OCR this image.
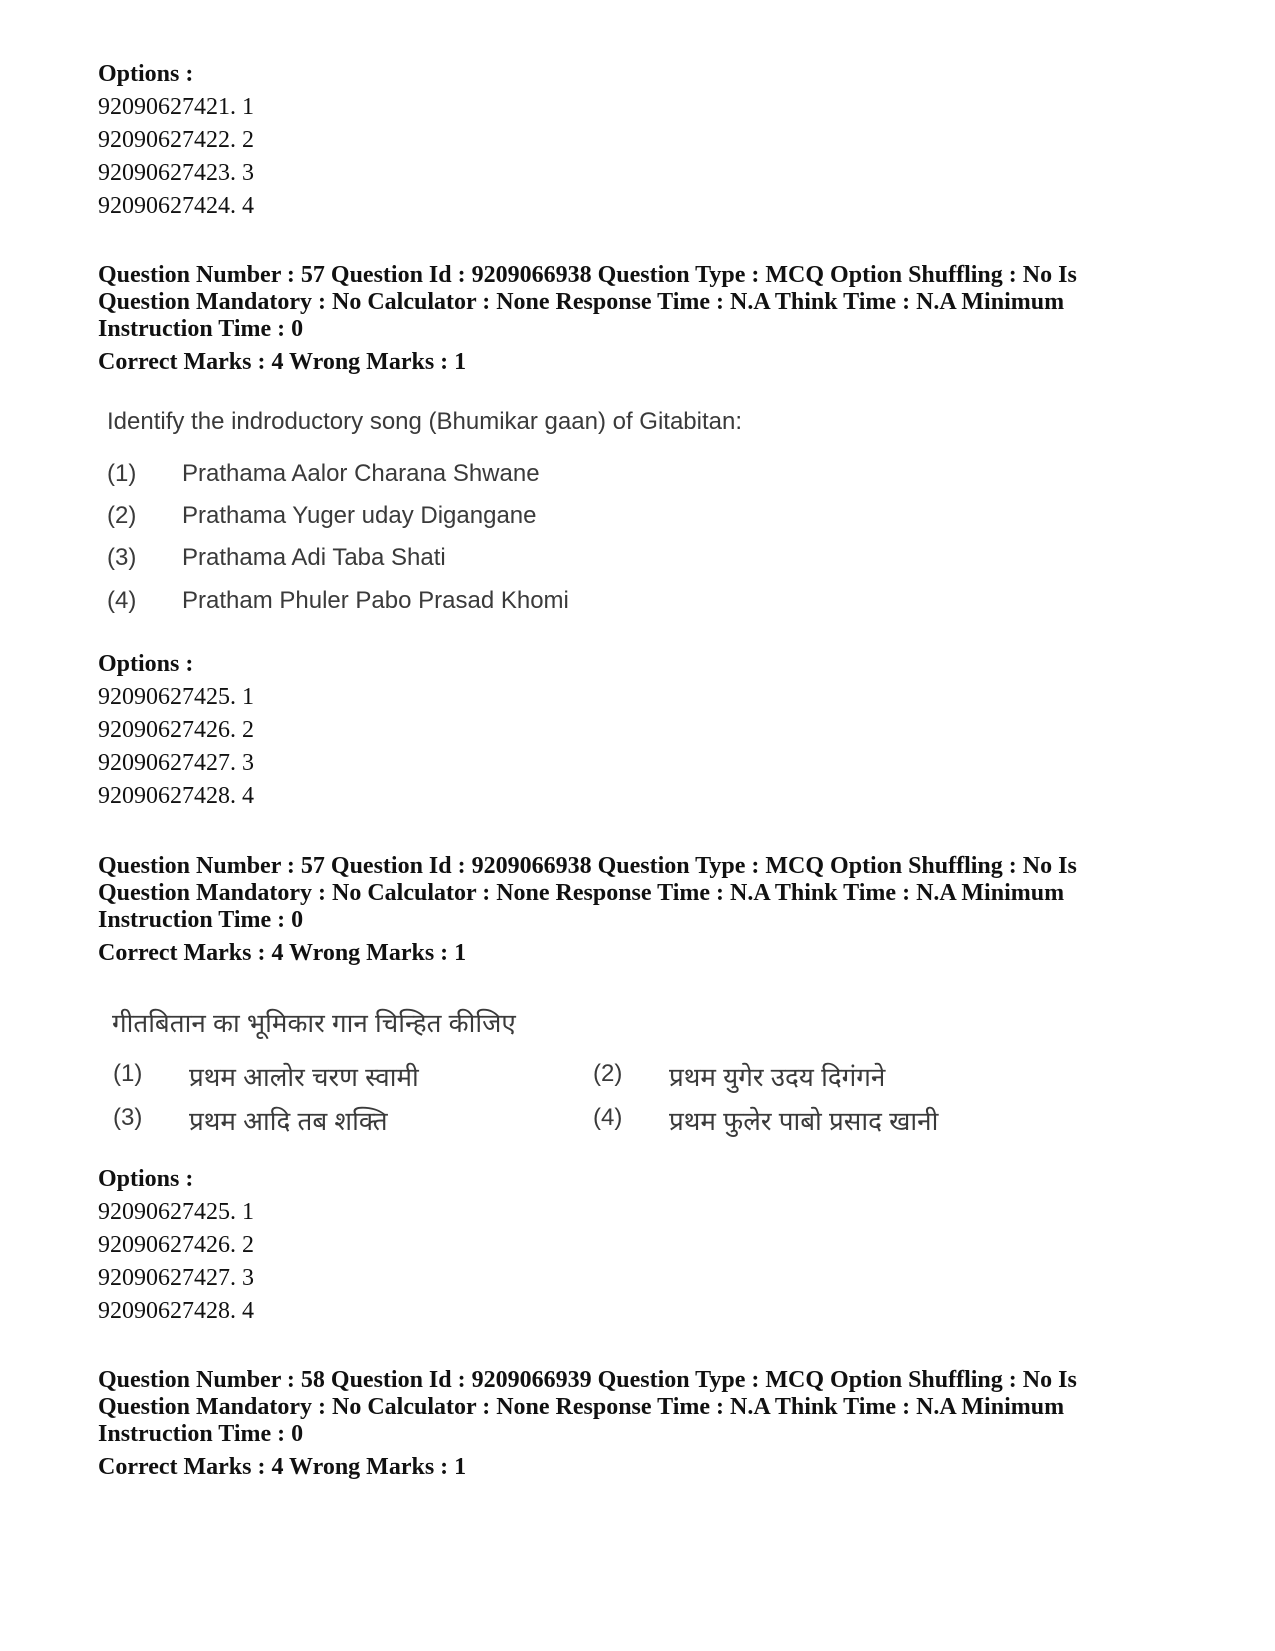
Options :
92090627421. 1
92090627422. 2
92090627423. 3
92090627424. 4
Question Number : 57 Question Id : 9209066938 Question Type : MCQ Option Shuffling : No Is
Question Mandatory : No Calculator : None Response Time : N.A Think Time : N.A Minimum
Instruction Time : 0
Correct Marks : 4 Wrong Marks : 1
Identify the indroductory song (Bhumikar gaan) of Gitabitan:
(1) Prathama Aalor Charana Shwane
(2) Prathama Yuger uday Digangane
(3) Prathama Adi Taba Shati
(4) Pratham Phuler Pabo Prasad Khomi
Options :
92090627425. 1
92090627426. 2
92090627427. 3
92090627428. 4
Question Number : 57 Question Id : 9209066938 Question Type : MCQ Option Shuffling : No Is
Question Mandatory : No Calculator : None Response Time : N.A Think Time : N.A Minimum
Instruction Time : 0
Correct Marks : 4 Wrong Marks : 1
गीतबितान का भूमिकार गान चिन्हित कीजिए
(1) प्रथम आलोर चरण स्वामी	(2) प्रथम युगेर उदय दिगंगने
(3) प्रथम आदि तब शक्ति	(4) प्रथम फुलेर पाबो प्रसाद खानी
Options :
92090627425. 1
92090627426. 2
92090627427. 3
92090627428. 4
Question Number : 58 Question Id : 9209066939 Question Type : MCQ Option Shuffling : No Is
Question Mandatory : No Calculator : None Response Time : N.A Think Time : N.A Minimum
Instruction Time : 0
Correct Marks : 4 Wrong Marks : 1
